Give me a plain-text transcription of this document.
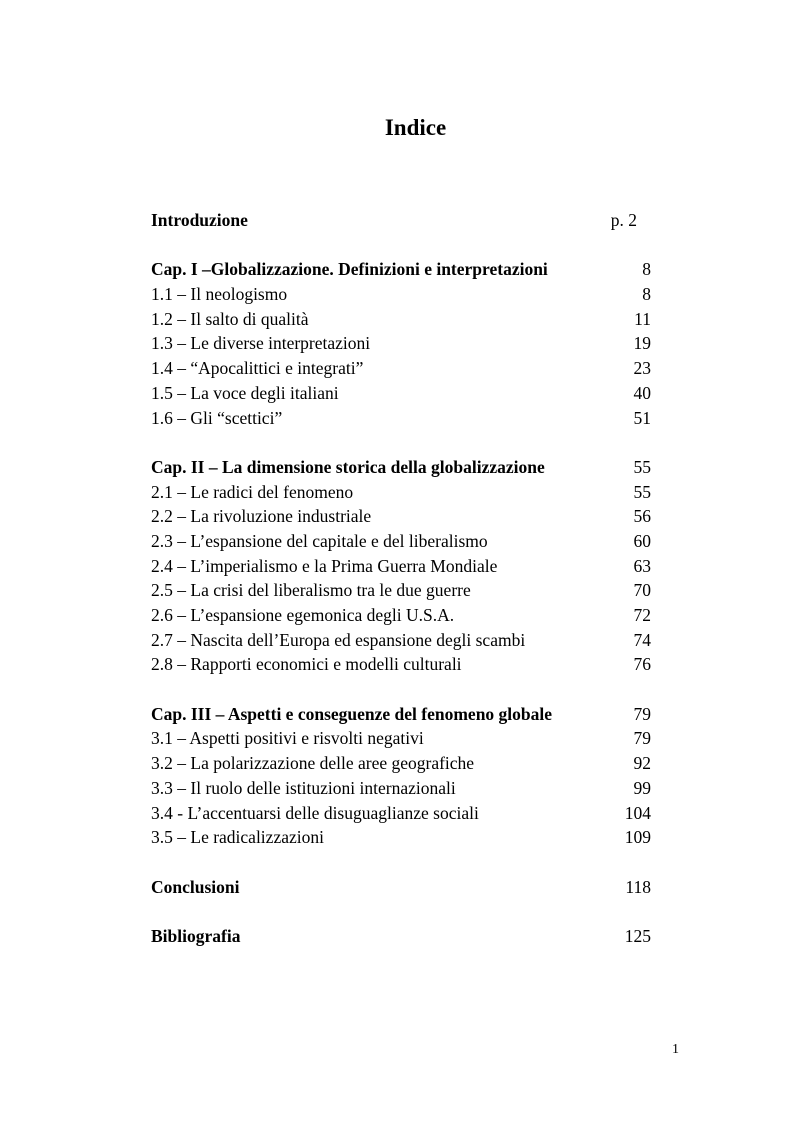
Indice
Introduzione	p. 2
Cap. I –Globalizzazione. Definizioni e interpretazioni	8
1.1 – Il neologismo	8
1.2 – Il salto di qualità	11
1.3 – Le diverse interpretazioni	19
1.4 – “Apocalittici e integrati”	23
1.5 – La voce degli italiani	40
1.6 – Gli “scettici”	51
Cap. II – La dimensione storica della globalizzazione	55
2.1 – Le radici del fenomeno	55
2.2 – La rivoluzione industriale	56
2.3 – L’espansione del capitale e del liberalismo	60
2.4 – L’imperialismo e la Prima Guerra Mondiale	63
2.5 – La crisi del liberalismo tra le due guerre	70
2.6 – L’espansione egemonica degli U.S.A.	72
2.7 – Nascita dell’Europa ed espansione degli scambi	74
2.8 – Rapporti economici e modelli culturali	76
Cap. III – Aspetti e conseguenze del fenomeno globale	79
3.1 – Aspetti positivi e risvolti negativi	79
3.2 – La polarizzazione delle aree geografiche	92
3.3 – Il ruolo delle istituzioni internazionali	99
3.4 - L’accentuarsi delle disuguaglianze sociali	104
3.5 – Le radicalizzazioni	109
Conclusioni	118
Bibliografia	125
1
